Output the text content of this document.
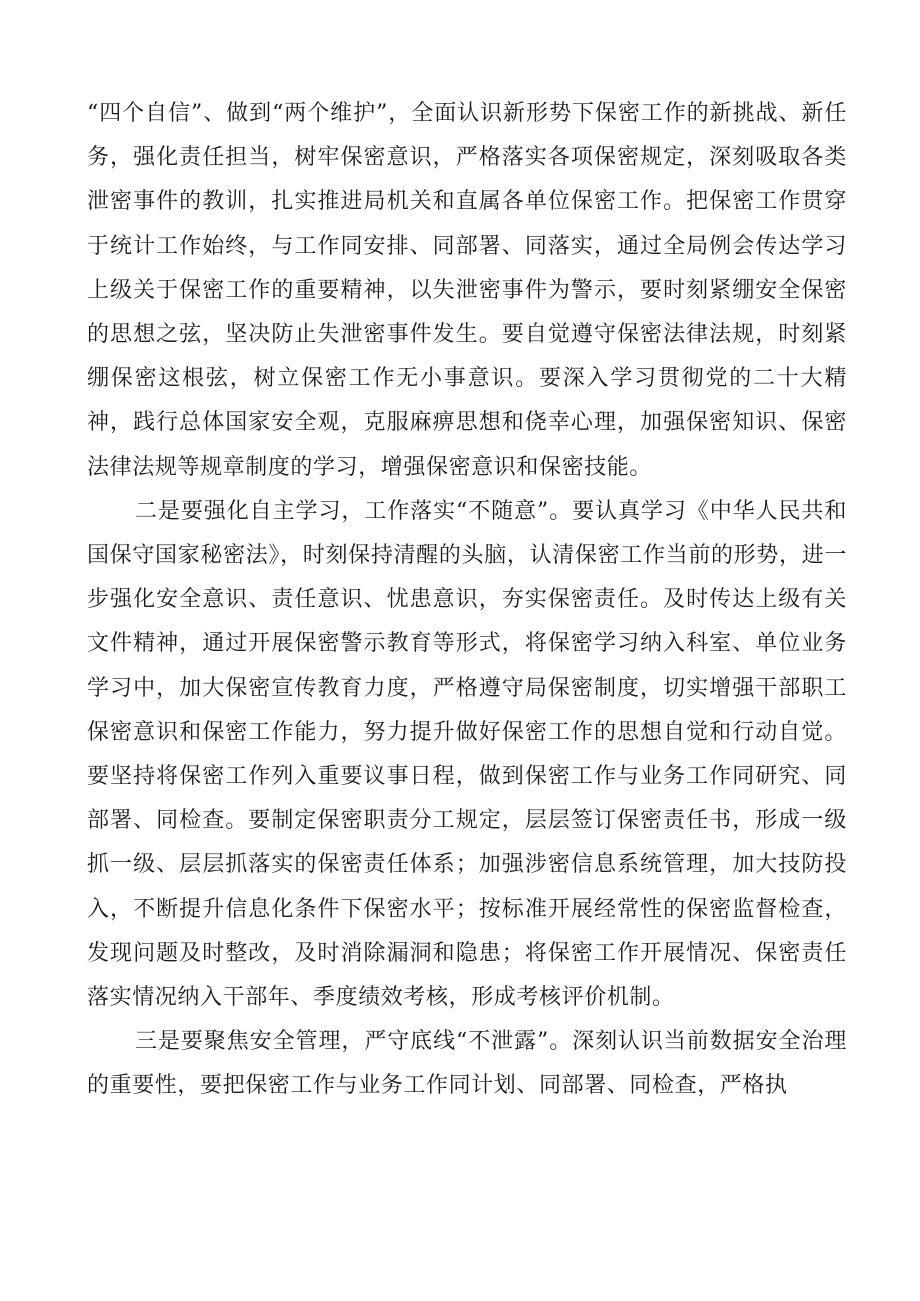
“四个自信”、做到“两个维护”，全面认识新形势下保密工作的新挑战、新任务，强化责任担当，树牢保密意识，严格落实各项保密规定，深刻吸取各类泄密事件的教训，扎实推进局机关和直属各单位保密工作。把保密工作贯穿于统计工作始终，与工作同安排、同部署、同落实，通过全局例会传达学习上级关于保密工作的重要精神，以失泄密事件为警示，要时刻紧绷安全保密的思想之弦，坚决防止失泄密事件发生。要自觉遵守保密法律法规，时刻紧绷保密这根弦，树立保密工作无小事意识。要深入学习贯彻党的二十大精神，践行总体国家安全观，克服麻痹思想和侥幸心理，加强保密知识、保密法律法规等规章制度的学习，增强保密意识和保密技能。

二是要强化自主学习，工作落实“不随意”。要认真学习《中华人民共和国保守国家秘密法》，时刻保持清醒的头脑，认清保密工作当前的形势，进一步强化安全意识、责任意识、忧患意识，夯实保密责任。及时传达上级有关文件精神，通过开展保密警示教育等形式，将保密学习纳入科室、单位业务学习中，加大保密宣传教育力度，严格遵守局保密制度，切实增强干部职工保密意识和保密工作能力，努力提升做好保密工作的思想自觉和行动自觉。要坚持将保密工作列入重要议事日程，做到保密工作与业务工作同研究、同部署、同检查。要制定保密职责分工规定，层层签订保密责任书，形成一级抓一级、层层抓落实的保密责任体系；加强涉密信息系统管理，加大技防投入，不断提升信息化条件下保密水平；按标准开展经常性的保密监督检查，发现问题及时整改，及时消除漏洞和隐患；将保密工作开展情况、保密责任落实情况纳入干部年、季度绩效考核，形成考核评价机制。

三是要聚焦安全管理，严守底线“不泄露”。深刻认识当前数据安全治理的重要性，要把保密工作与业务工作同计划、同部署、同检查，严格执
